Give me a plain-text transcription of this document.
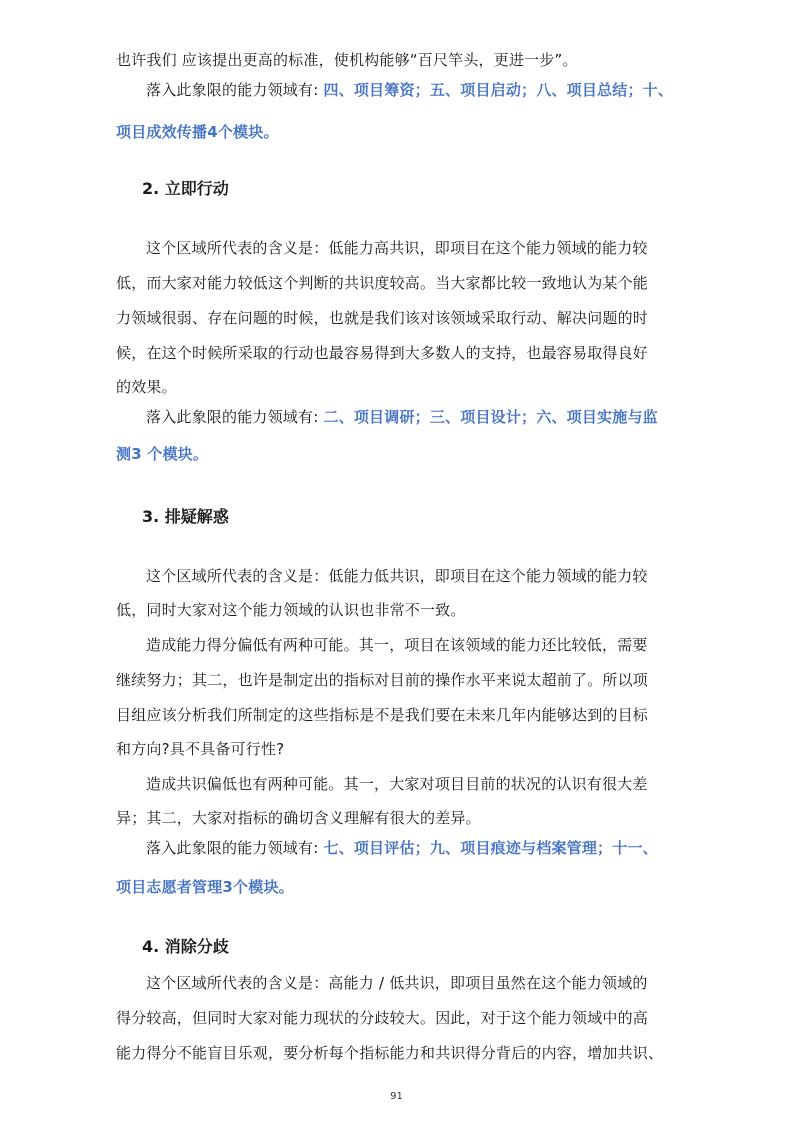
也许我们 应该提出更高的标准，使机构能够“百尺竿头，更进一步”。
落入此象限的能力领域有: 四、项目筹资；五、项目启动；八、项目总结；十、
项目成效传播4个模块。
2. 立即行动
这个区域所代表的含义是：低能力高共识，即项目在这个能力领域的能力较
低，而大家对能力较低这个判断的共识度较高。当大家都比较一致地认为某个能
力领域很弱、存在问题的时候，也就是我们该对该领域采取行动、解决问题的时
候，在这个时候所采取的行动也最容易得到大多数人的支持，也最容易取得良好
的效果。
落入此象限的能力领域有: 二、项目调研；三、项目设计；六、项目实施与监
测3 个模块。
3. 排疑解惑
这个区域所代表的含义是：低能力低共识，即项目在这个能力领域的能力较
低，同时大家对这个能力领域的认识也非常不一致。
造成能力得分偏低有两种可能。其一，项目在该领域的能力还比较低，需要
继续努力；其二，也许是制定出的指标对目前的操作水平来说太超前了。所以项
目组应该分析我们所制定的这些指标是不是我们要在未来几年内能够达到的目标
和方向?具不具备可行性?
造成共识偏低也有两种可能。其一，大家对项目目前的状况的认识有很大差
异；其二，大家对指标的确切含义理解有很大的差异。
落入此象限的能力领域有: 七、项目评估；九、项目痕迹与档案管理；十一、
项目志愿者管理3个模块。
4. 消除分歧
这个区域所代表的含义是：高能力 / 低共识，即项目虽然在这个能力领域的
得分较高，但同时大家对能力现状的分歧较大。因此，对于这个能力领域中的高
能力得分不能盲目乐观，要分析每个指标能力和共识得分背后的内容，增加共识、
91
